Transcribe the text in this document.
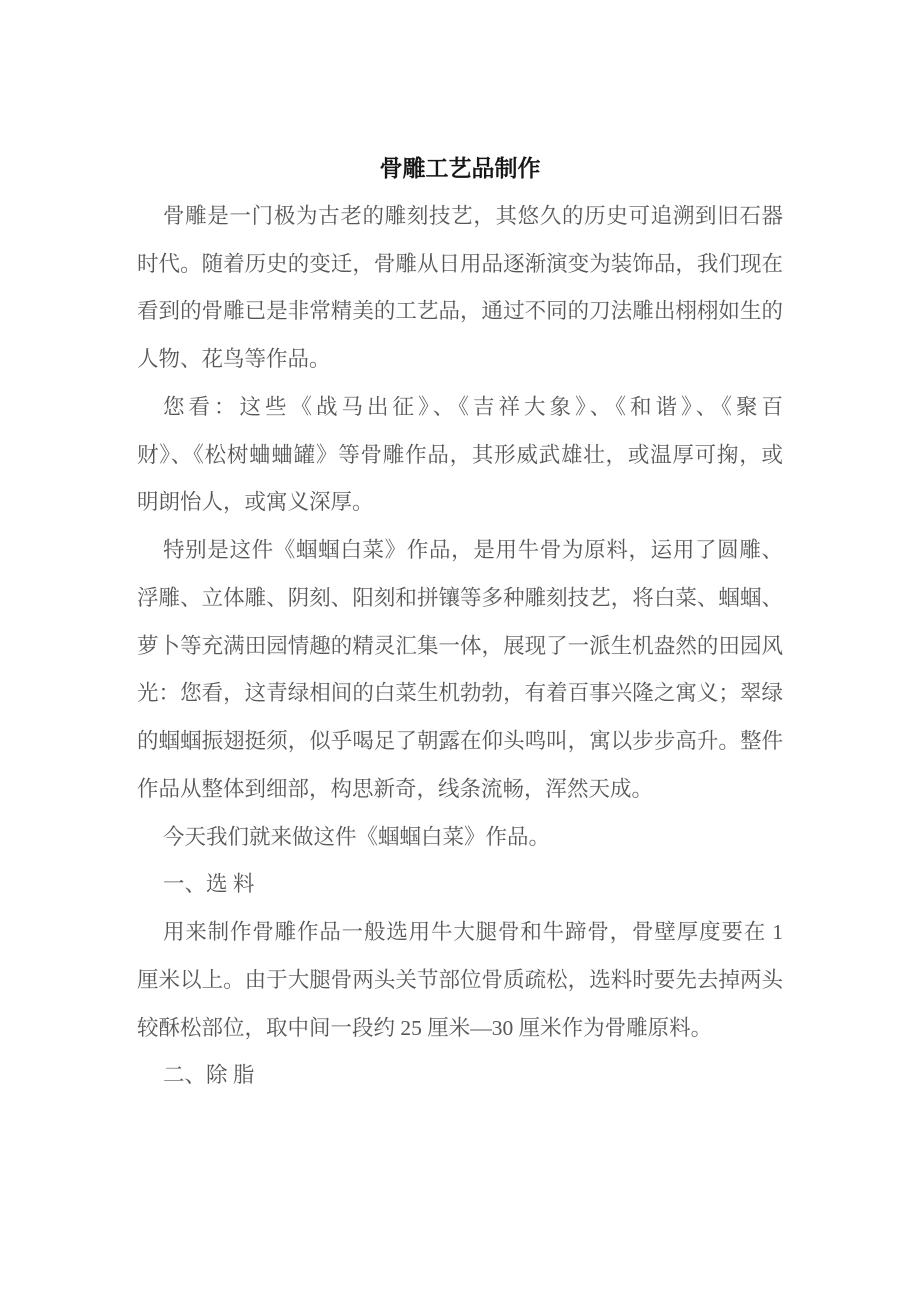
骨雕工艺品制作
骨雕是一门极为古老的雕刻技艺，其悠久的历史可追溯到旧石器
时代。随着历史的变迁，骨雕从日用品逐渐演变为装饰品，我们现在
看到的骨雕已是非常精美的工艺品，通过不同的刀法雕出栩栩如生的
人物、花鸟等作品。
您看：这些《战马出征》、《吉祥大象》、《和谐》、《聚百
财》、《松树蛐蛐罐》等骨雕作品，其形威武雄壮，或温厚可掬，或
明朗怡人，或寓义深厚。
特别是这件《蝈蝈白菜》作品，是用牛骨为原料，运用了圆雕、
浮雕、立体雕、阴刻、阳刻和拼镶等多种雕刻技艺，将白菜、蝈蝈、
萝卜等充满田园情趣的精灵汇集一体，展现了一派生机盎然的田园风
光：您看，这青绿相间的白菜生机勃勃，有着百事兴隆之寓义；翠绿
的蝈蝈振翅挺须，似乎喝足了朝露在仰头鸣叫，寓以步步高升。整件
作品从整体到细部，构思新奇，线条流畅，浑然天成。
今天我们就来做这件《蝈蝈白菜》作品。
一、选 料
用来制作骨雕作品一般选用牛大腿骨和牛蹄骨，骨壁厚度要在 1
厘米以上。由于大腿骨两头关节部位骨质疏松，选料时要先去掉两头
较酥松部位，取中间一段约 25 厘米—30 厘米作为骨雕原料。
二、除 脂
